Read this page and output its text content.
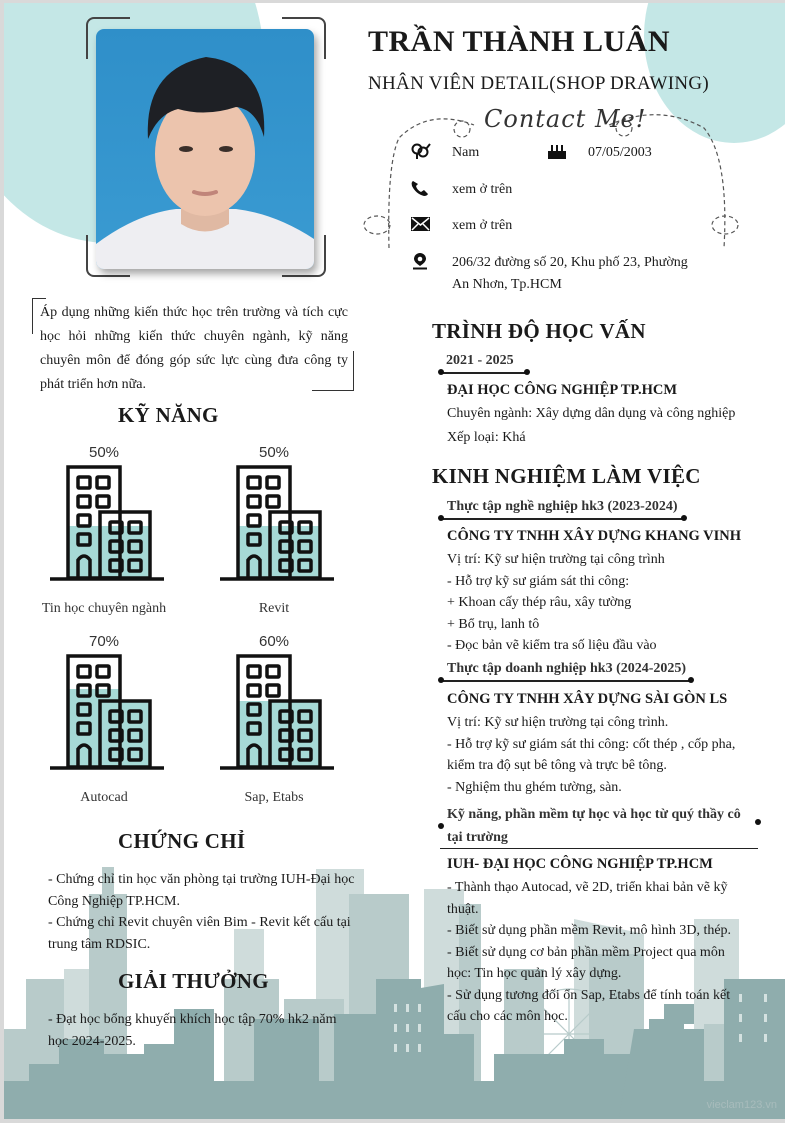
TRẦN THÀNH LUÂN
NHÂN VIÊN DETAIL(SHOP DRAWING)
Contact Me!
Nam	07/05/2003
xem ở trên
xem ở trên
206/32 đường số 20, Khu phố 23, Phường
An Nhơn, Tp.HCM
Áp dụng những kiến thức học trên trường và tích cực học hỏi những kiến thức chuyên ngành, kỹ năng chuyên môn để đóng góp sức lực cùng đưa công ty phát triển hơn nữa.
KỸ NĂNG
50%
Tin học chuyên ngành
50%
Revit
70%
Autocad
60%
Sap, Etabs
CHỨNG CHỈ
- Chứng chỉ tin học văn phòng tại trường IUH-Đại học
Công Nghiệp TP.HCM.
- Chứng chỉ Revit chuyên viên Bim - Revit kết cấu tại
trung tâm RDSIC.
GIẢI THƯỞNG
- Đạt học bổng khuyến khích học tập 70% hk2 năm
học 2024-2025.
TRÌNH ĐỘ HỌC VẤN
2021 - 2025
ĐẠI HỌC CÔNG NGHIỆP TP.HCM
Chuyên ngành: Xây dựng dân dụng và công nghiệp
Xếp loại: Khá
KINH NGHIỆM LÀM VIỆC
Thực tập nghề nghiệp hk3 (2023-2024)
CÔNG TY TNHH XÂY DỰNG KHANG VINH
Vị trí: Kỹ sư hiện trường tại công trình
- Hỗ trợ kỹ sư giám sát thi công:
+ Khoan cấy thép râu, xây tường
+ Bổ trụ, lanh tô
- Đọc bản vẽ kiểm tra số liệu đầu vào
Thực tập doanh nghiệp hk3 (2024-2025)
CÔNG TY TNHH XÂY DỰNG SÀI GÒN LS
Vị trí: Kỹ sư hiện trường tại công trình.
- Hỗ trợ kỹ sư giám sát thi công: cốt thép , cốp pha,
kiểm tra độ sụt bê tông và trực bê tông.
- Nghiệm thu ghém tường, sàn.
Kỹ năng, phần mềm tự học và học từ quý thầy cô
tại trường
IUH- ĐẠI HỌC CÔNG NGHIỆP TP.HCM
- Thành thạo Autocad, vẽ 2D, triển khai bản vẽ kỹ
thuật.
- Biết sử dụng phần mềm Revit, mô hình 3D, thép.
- Biết sử dụng cơ bản phần mềm Project qua môn
học: Tin học quản lý xây dựng.
- Sử dụng tương đối ổn Sap, Etabs để tính toán kết
cấu cho các môn học.
vieclam123.vn
